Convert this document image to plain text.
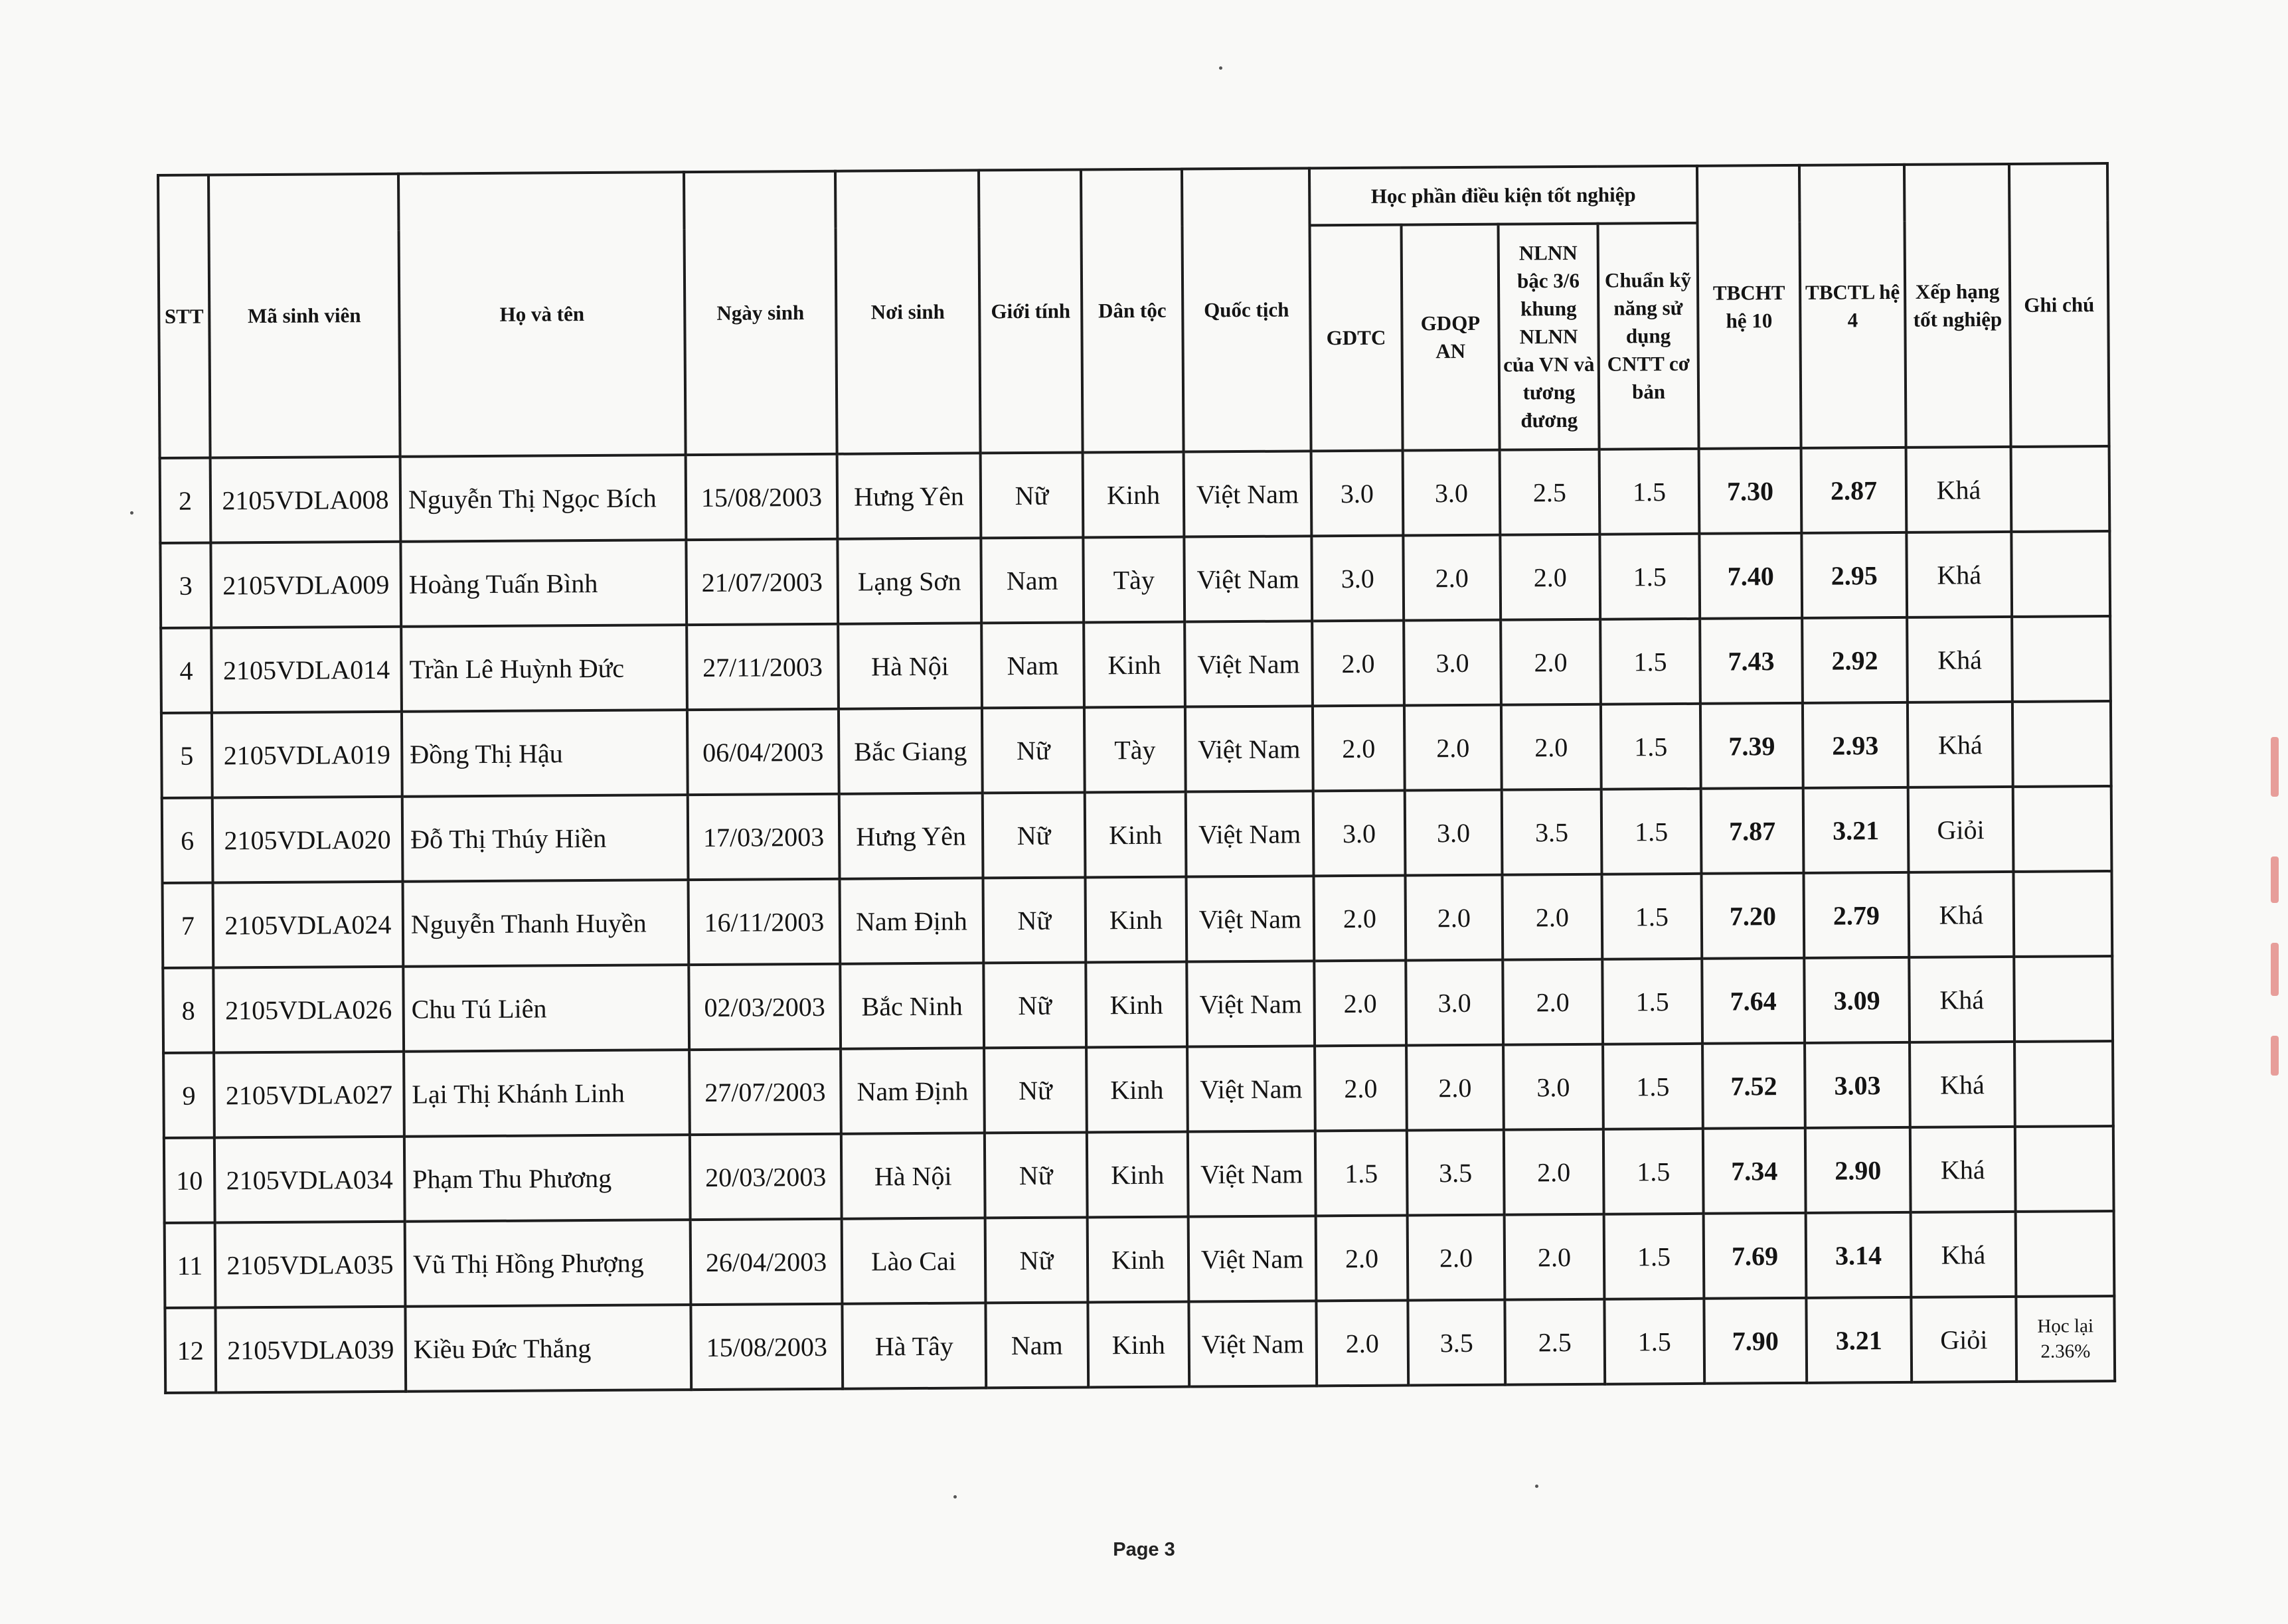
STT	Mã sinh viên	Họ và tên	Ngày sinh	Nơi sinh	Giới tính	Dân tộc	Quốc tịch	Học phần điều kiện tốt nghiệp				TBCHT hệ 10	TBCTL hệ 4	Xếp hạng tốt nghiệp	Ghi chú
								GDTC	GDQP AN	NLNN bậc 3/6 khung NLNN của VN và tương đương	Chuẩn kỹ năng sử dụng CNTT cơ bản				
2	2105VDLA008	Nguyễn Thị Ngọc Bích	15/08/2003	Hưng Yên	Nữ	Kinh	Việt Nam	3.0	3.0	2.5	1.5	7.30	2.87	Khá	
3	2105VDLA009	Hoàng Tuấn Bình	21/07/2003	Lạng Sơn	Nam	Tày	Việt Nam	3.0	2.0	2.0	1.5	7.40	2.95	Khá	
4	2105VDLA014	Trần Lê Huỳnh Đức	27/11/2003	Hà Nội	Nam	Kinh	Việt Nam	2.0	3.0	2.0	1.5	7.43	2.92	Khá	
5	2105VDLA019	Đồng Thị Hậu	06/04/2003	Bắc Giang	Nữ	Tày	Việt Nam	2.0	2.0	2.0	1.5	7.39	2.93	Khá	
6	2105VDLA020	Đỗ Thị Thúy Hiền	17/03/2003	Hưng Yên	Nữ	Kinh	Việt Nam	3.0	3.0	3.5	1.5	7.87	3.21	Giỏi	
7	2105VDLA024	Nguyễn Thanh Huyền	16/11/2003	Nam Định	Nữ	Kinh	Việt Nam	2.0	2.0	2.0	1.5	7.20	2.79	Khá	
8	2105VDLA026	Chu Tú Liên	02/03/2003	Bắc Ninh	Nữ	Kinh	Việt Nam	2.0	3.0	2.0	1.5	7.64	3.09	Khá	
9	2105VDLA027	Lại Thị Khánh Linh	27/07/2003	Nam Định	Nữ	Kinh	Việt Nam	2.0	2.0	3.0	1.5	7.52	3.03	Khá	
10	2105VDLA034	Phạm Thu Phương	20/03/2003	Hà Nội	Nữ	Kinh	Việt Nam	1.5	3.5	2.0	1.5	7.34	2.90	Khá	
11	2105VDLA035	Vũ Thị Hồng Phượng	26/04/2003	Lào Cai	Nữ	Kinh	Việt Nam	2.0	2.0	2.0	1.5	7.69	3.14	Khá	
12	2105VDLA039	Kiều Đức Thắng	15/08/2003	Hà Tây	Nam	Kinh	Việt Nam	2.0	3.5	2.5	1.5	7.90	3.21	Giỏi	Học lại 2.36%
Page 3
